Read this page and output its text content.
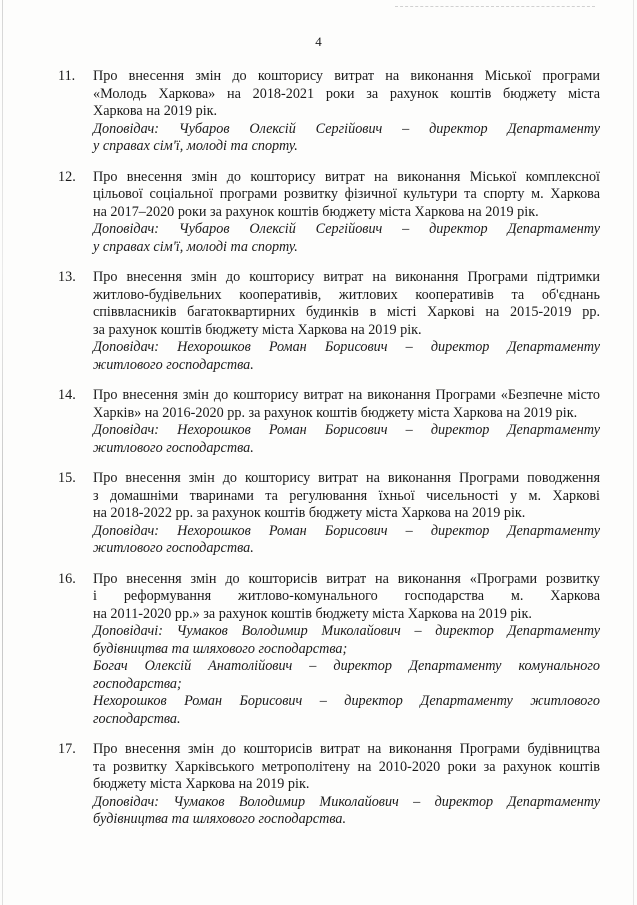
4
11.	Про внесення змін до кошторису витрат на виконання Міської програми
«Молодь Харкова» на 2018-2021 роки за рахунок коштів бюджету міста
Харкова на 2019 рік.
Доповідач: Чубаров Олексій Сергійович – директор Департаменту
у справах сім'ї, молоді та спорту.
12.	Про внесення змін до кошторису витрат на виконання Міської комплексної
цільової соціальної програми розвитку фізичної культури та спорту м. Харкова
на 2017–2020 роки за рахунок коштів бюджету міста Харкова на 2019 рік.
Доповідач: Чубаров Олексій Сергійович – директор Департаменту
у справах сім'ї, молоді та спорту.
13.	Про внесення змін до кошторису витрат на виконання Програми підтримки
житлово-будівельних кооперативів, житлових кооперативів та об'єднань
співвласників багатоквартирних будинків в місті Харкові на 2015-2019 рр.
за рахунок коштів бюджету міста Харкова на 2019 рік.
Доповідач: Нехорошков Роман Борисович – директор Департаменту
житлового господарства.
14.	Про внесення змін до кошторису витрат на виконання Програми «Безпечне місто
Харків» на 2016-2020 рр. за рахунок коштів бюджету міста Харкова на 2019 рік.
Доповідач: Нехорошков Роман Борисович – директор Департаменту
житлового господарства.
15.	Про внесення змін до кошторису витрат на виконання Програми поводження
з домашніми тваринами та регулювання їхньої чисельності у м. Харкові
на 2018-2022 рр. за рахунок коштів бюджету міста Харкова на 2019 рік.
Доповідач: Нехорошков Роман Борисович – директор Департаменту
житлового господарства.
16.	Про внесення змін до кошторисів витрат на виконання «Програми розвитку
і реформування житлово-комунального господарства м. Харкова
на 2011-2020 рр.» за рахунок коштів бюджету міста Харкова на 2019 рік.
Доповідачі: Чумаков Володимир Миколайович – директор Департаменту
будівництва та шляхового господарства;
Богач Олексій Анатолійович – директор Департаменту комунального
господарства;
Нехорошков Роман Борисович – директор Департаменту житлового
господарства.
17.	Про внесення змін до кошторисів витрат на виконання Програми будівництва
та розвитку Харківського метрополітену на 2010-2020 роки за рахунок коштів
бюджету міста Харкова на 2019 рік.
Доповідач: Чумаков Володимир Миколайович – директор Департаменту
будівництва та шляхового господарства.
